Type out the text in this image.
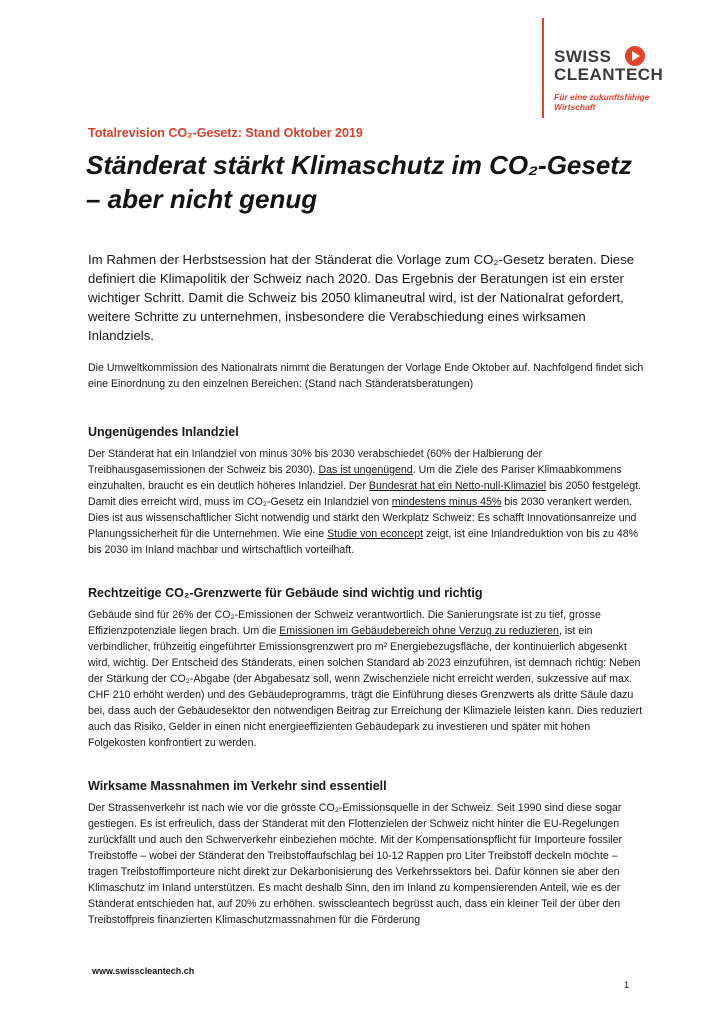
SWISS
CLEANTECH
Für eine zukunftsfähige Wirtschaft
Totalrevision CO₂-Gesetz: Stand Oktober 2019
Ständerat stärkt Klimaschutz im CO₂-Gesetz – aber nicht genug

Im Rahmen der Herbstsession hat der Ständerat die Vorlage zum CO₂-Gesetz beraten. Diese definiert die Klimapolitik der Schweiz nach 2020. Das Ergebnis der Beratungen ist ein erster wichtiger Schritt. Damit die Schweiz bis 2050 klimaneutral wird, ist der Nationalrat gefordert, weitere Schritte zu unternehmen, insbesondere die Verabschiedung eines wirksamen Inlandziels.

Die Umweltkommission des Nationalrats nimmt die Beratungen der Vorlage Ende Oktober auf. Nachfolgend findet sich eine Einordnung zu den einzelnen Bereichen: (Stand nach Ständeratsberatungen)

Ungenügendes Inlandziel

Der Ständerat hat ein Inlandziel von minus 30% bis 2030 verabschiedet (60% der Halbierung der Treibhausgasemissionen der Schweiz bis 2030). Das ist ungenügend. Um die Ziele des Pariser Klimaabkommens einzuhalten, braucht es ein deutlich höheres Inlandziel. Der Bundesrat hat ein Netto-null-Klimaziel bis 2050 festgelegt. Damit dies erreicht wird, muss im CO₂-Gesetz ein Inlandziel von mindestens minus 45% bis 2030 verankert werden. Dies ist aus wissenschaftlicher Sicht notwendig und stärkt den Werkplatz Schweiz: Es schafft Innovationsanreize und Planungssicherheit für die Unternehmen. Wie eine Studie von econcept zeigt, ist eine Inlandreduktion von bis zu 48% bis 2030 im Inland machbar und wirtschaftlich vorteilhaft.

Rechtzeitige CO₂-Grenzwerte für Gebäude sind wichtig und richtig

Gebäude sind für 26% der CO₂-Emissionen der Schweiz verantwortlich. Die Sanierungsrate ist zu tief, grosse Effizienzpotenziale liegen brach. Um die Emissionen im Gebäudebereich ohne Verzug zu reduzieren, ist ein verbindlicher, frühzeitig eingeführter Emissionsgrenzwert pro m² Energiebezugsfläche, der kontinuierlich abgesenkt wird, wichtig. Der Entscheid des Ständerats, einen solchen Standard ab 2023 einzuführen, ist demnach richtig: Neben der Stärkung der CO₂-Abgabe (der Abgabesatz soll, wenn Zwischenziele nicht erreicht werden, sukzessive auf max. CHF 210 erhöht werden) und des Gebäudeprogramms, trägt die Einführung dieses Grenzwerts als dritte Säule dazu bei, dass auch der Gebäudesektor den notwendigen Beitrag zur Erreichung der Klimaziele leisten kann. Dies reduziert auch das Risiko, Gelder in einen nicht energieeffizienten Gebäudepark zu investieren und später mit hohen Folgekosten konfrontiert zu werden.

Wirksame Massnahmen im Verkehr sind essentiell

Der Strassenverkehr ist nach wie vor die grösste CO₂-Emissionsquelle in der Schweiz. Seit 1990 sind diese sogar gestiegen. Es ist erfreulich, dass der Ständerat mit den Flottenzielen der Schweiz nicht hinter die EU-Regelungen zurückfällt und auch den Schwerverkehr einbeziehen möchte. Mit der Kompensationspflicht für Importeure fossiler Treibstoffe – wobei der Ständerat den Treibstoffaufschlag bei 10-12 Rappen pro Liter Treibstoff deckeln möchte – tragen Treibstoffimporteure nicht direkt zur Dekarbonisierung des Verkehrssektors bei. Dafür können sie aber den Klimaschutz im Inland unterstützen. Es macht deshalb Sinn, den im Inland zu kompensierenden Anteil, wie es der Ständerat entschieden hat, auf 20% zu erhöhen. swisscleantech begrüsst auch, dass ein kleiner Teil der über den Treibstoffpreis finanzierten Klimaschutzmassnahmen für die Förderung

www.swisscleantech.ch
1
